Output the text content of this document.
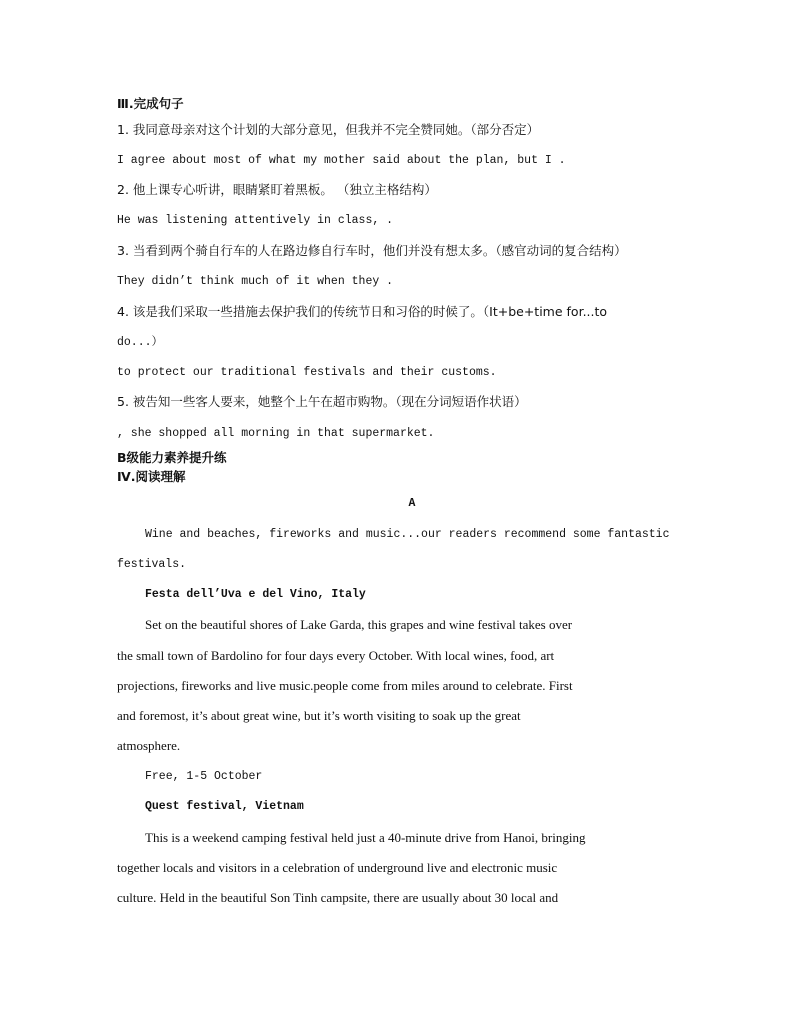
Ⅲ.完成句子
1. 我同意母亲对这个计划的大部分意见，但我并不完全赞同她。（部分否定）
I agree about most of what my mother said about the plan, but I .
2. 他上课专心听讲，眼睛紧盯着黑板。 （独立主格结构）
He was listening attentively in class, .
3. 当看到两个骑自行车的人在路边修自行车时，他们并没有想太多。（感官动词的复合结构）
They didn’t think much of it when they .
4. 该是我们采取一些措施去保护我们的传统节日和习俗的时候了。（It+be+time for...to
do...）
to protect our traditional festivals and their customs.
5. 被告知一些客人要来，她整个上午在超市购物。（现在分词短语作状语）
, she shopped all morning in that supermarket.
B级能力素养提升练
Ⅳ.阅读理解
A
Wine and beaches, fireworks and music...our readers recommend some fantastic
festivals.
Festa dell’Uva e del Vino, Italy
Set on the beautiful shores of Lake Garda, this grapes and wine festival takes over
the small town of Bardolino for four days every October. With local wines, food, art
projections, fireworks and live music.people come from miles around to celebrate. First
and foremost, it’s about great wine, but it’s worth visiting to soak up the great
atmosphere.
Free, 1-5 October
Quest festival, Vietnam
This is a weekend camping festival held just a 40-minute drive from Hanoi, bringing
together locals and visitors in a celebration of underground live and electronic music
culture. Held in the beautiful Son Tinh campsite, there are usually about 30 local and
